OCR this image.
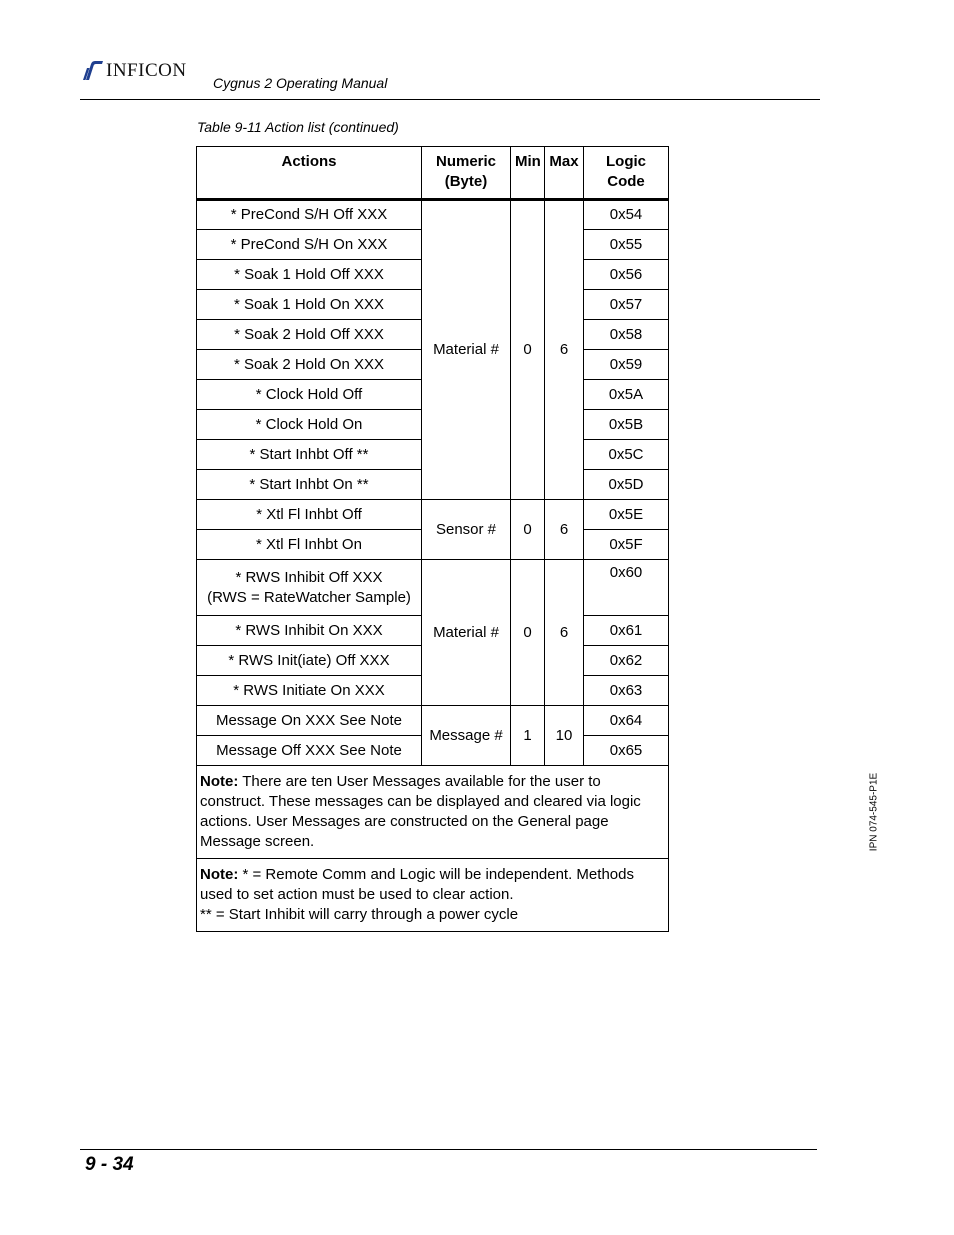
INFICON
Cygnus 2 Operating Manual
Table 9-11 Action list (continued)
Actions	Numeric (Byte)	Min	Max	Logic Code
* PreCond S/H Off XXX	Material #	0	6	0x54
* PreCond S/H On XXX				0x55
* Soak 1 Hold Off XXX				0x56
* Soak 1 Hold On XXX				0x57
* Soak 2 Hold Off XXX				0x58
* Soak 2 Hold On XXX				0x59
* Clock Hold Off				0x5A
* Clock Hold On				0x5B
* Start Inhbt Off **				0x5C
* Start Inhbt On **				0x5D
* Xtl Fl Inhbt Off	Sensor #	0	6	0x5E
* Xtl Fl Inhbt On				0x5F

* RWS Inhibit Off XXX
(RWS = RateWatcher Sample)	Material #	0	6	0x60
* RWS Inhibit On XXX				0x61
* RWS Init(iate) Off XXX				0x62
* RWS Initiate On XXX				0x63
Message On XXX See Note	Message #	1	10	0x64
Message Off XXX See Note				0x65
Note: There are ten User Messages available for the user to construct. These messages can be displayed and cleared via logic actions. User Messages are constructed on the General page Message screen.				
Note: * = Remote Comm and Logic will be independent. Methods used to set action must be used to clear action.
** = Start Inhibit will carry through a power cycle				
IPN 074-545-P1E
9 - 34
